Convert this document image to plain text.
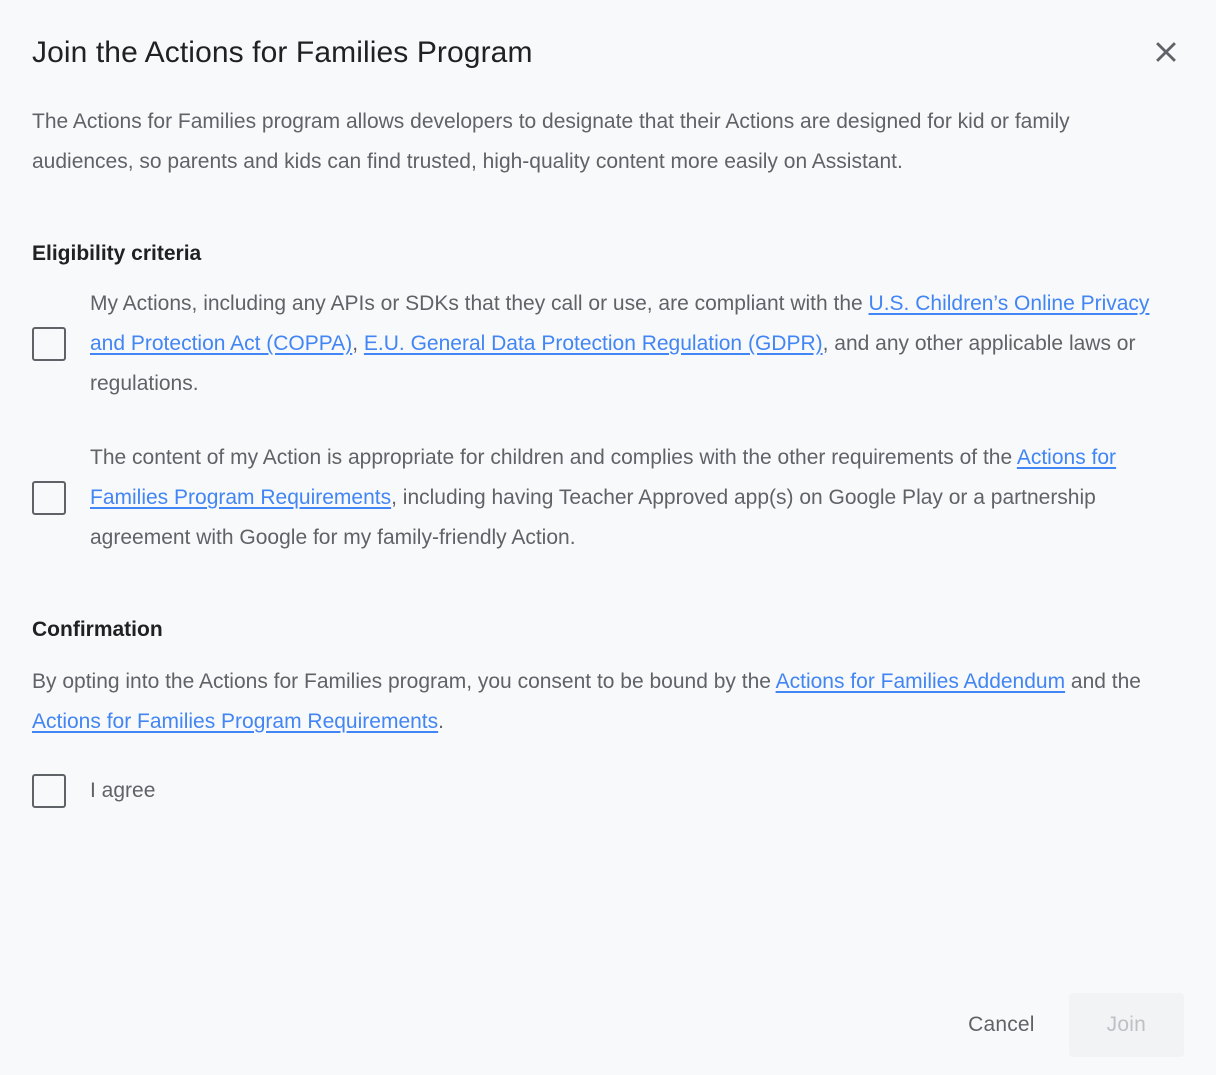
Join the Actions for Families Program

The Actions for Families program allows developers to designate that their Actions are designed for kid or family audiences, so parents and kids can find trusted, high-quality content more easily on Assistant.

Eligibility criteria
My Actions, including any APIs or SDKs that they call or use, are compliant with the U.S. Children’s Online Privacy and Protection Act (COPPA), E.U. General Data Protection Regulation (GDPR), and any other applicable laws or regulations.
The content of my Action is appropriate for children and complies with the other requirements of the Actions for Families Program Requirements, including having Teacher Approved app(s) on Google Play or a partnership agreement with Google for my family-friendly Action.
Confirmation

By opting into the Actions for Families program, you consent to be bound by the Actions for Families Addendum and the Actions for Families Program Requirements.

I agree
Cancel	Join
